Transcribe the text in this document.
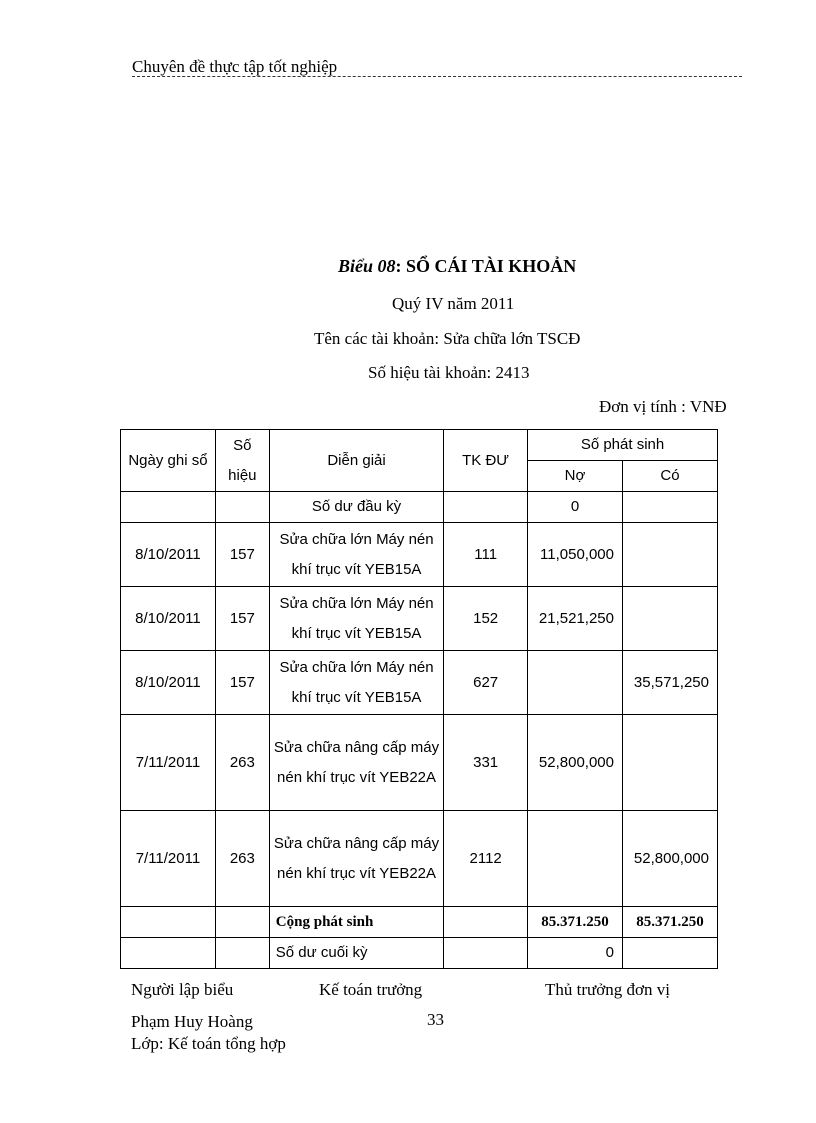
Chuyên đề thực tập tốt nghiệp
Biểu 08: SỔ CÁI TÀI KHOẢN
Quý IV năm 2011
Tên các tài khoản: Sửa chữa lớn TSCĐ
Số hiệu tài khoản: 2413
Đơn vị tính : VNĐ
Ngày ghi sổ	Số hiệu	Diễn giải	TK ĐƯ	Số phát sinh	
				Nợ	Có
		Số dư đầu kỳ		0	
8/10/2011	157	Sửa chữa lớn Máy nén khí trục vít YEB15A	111	11,050,000	
8/10/2011	157	Sửa chữa lớn Máy nén khí trục vít YEB15A	152	21,521,250	
8/10/2011	157	Sửa chữa lớn Máy nén khí trục vít YEB15A	627		35,571,250
7/11/2011	263	Sửa chữa nâng cấp máy nén khí trục vít YEB22A	331	52,800,000	
7/11/2011	263	Sửa chữa nâng cấp máy nén khí trục vít YEB22A	2112		52,800,000
		Cộng phát sinh		85.371.250	85.371.250
		Số dư cuối kỳ		0	
Người lập biểu	Kế toán trưởng	Thủ trưởng đơn vị
33
Phạm Huy Hoàng
Lớp: Kế toán tổng hợp
